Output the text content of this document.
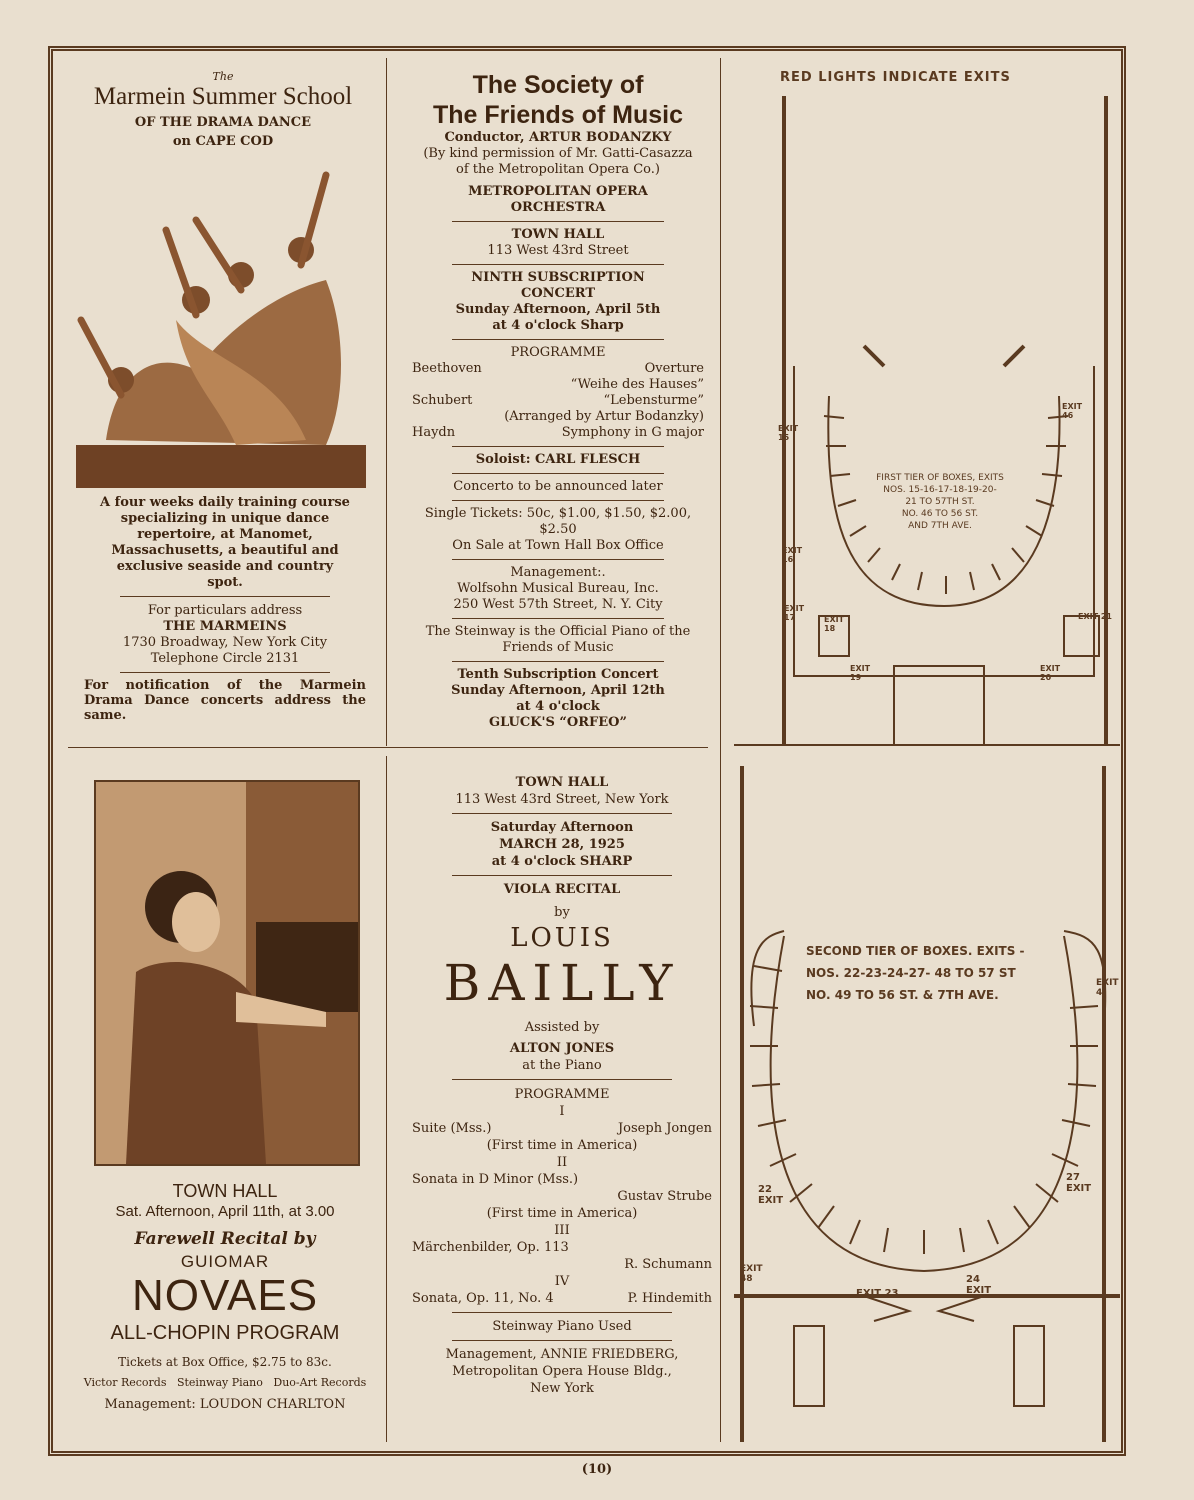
The

Marmein Summer School

OF THE DRAMA DANCE

on CAPE COD

A four weeks daily training course specializing in unique dance repertoire, at Manomet, Massachusetts, a beautiful and exclusive seaside and country spot.

For particulars address

THE MARMEINS

1730 Broadway, New York City

Telephone Circle 2131

For notification of the Marmein Drama Dance concerts address the same.

The Society of

The Friends of Music

Conductor, ARTUR BODANZKY

(By kind permission of Mr. Gatti-Casazza of the Metropolitan Opera Co.)

METROPOLITAN OPERA ORCHESTRA

TOWN HALL

113 West 43rd Street

NINTH SUBSCRIPTION CONCERT

Sunday Afternoon, April 5th

at 4 o'clock Sharp

PROGRAMME

Beethoven	Overture

“Weihe des Hauses”

Schubert	“Lebensturme”

(Arranged by Artur Bodanzky)

Haydn	Symphony in G major

Soloist: CARL FLESCH

Concerto to be announced later

Single Tickets: 50c, $1.00, $1.50, $2.00, $2.50

On Sale at Town Hall Box Office

Management:.

Wolfsohn Musical Bureau, Inc.

250 West 57th Street, N. Y. City

The Steinway is the Official Piano of the Friends of Music

Tenth Subscription Concert

Sunday Afternoon, April 12th

at 4 o'clock

GLUCK'S “ORFEO”

RED LIGHTS INDICATE EXITS

FIRST TIER OF BOXES, EXITS

NOS. 15-16-17-18-19-20-

21 TO 57TH ST.

NO. 46 TO 56 ST.

AND 7TH AVE.

EXIT 15
EXIT 16
EXIT 17	EXIT 18
EXIT 19
EXIT 20
EXIT 21
EXIT 46

TOWN HALL

Sat. Afternoon, April 11th, at 3.00

Farewell Recital by

GUIOMAR

NOVAES

ALL-CHOPIN PROGRAM

Tickets at Box Office, $2.75 to 83c.

Victor Records   Steinway Piano   Duo-Art Records

Management: LOUDON CHARLTON

TOWN HALL

113 West 43rd Street, New York

Saturday Afternoon

MARCH 28, 1925

at 4 o'clock SHARP

VIOLA RECITAL

by

LOUIS

BAILLY

Assisted by

ALTON JONES

at the Piano

PROGRAMME

I

Suite (Mss.)	Joseph Jongen

(First time in America)

II

Sonata in D Minor (Mss.)

Gustav Strube

(First time in America)

III

Märchenbilder, Op. 113

R. Schumann

IV

Sonata, Op. 11, No. 4	P. Hindemith

Steinway Piano Used

Management, ANNIE FRIEDBERG,

Metropolitan Opera House Bldg.,

New York

SECOND TIER OF BOXES. EXITS -

NOS. 22-23-24-27- 48 TO 57 ST

NO. 49 TO 56 ST. & 7TH AVE.

22 EXIT
27 EXIT
EXIT 48
EXIT 23
24 EXIT
EXIT 4

(10)
